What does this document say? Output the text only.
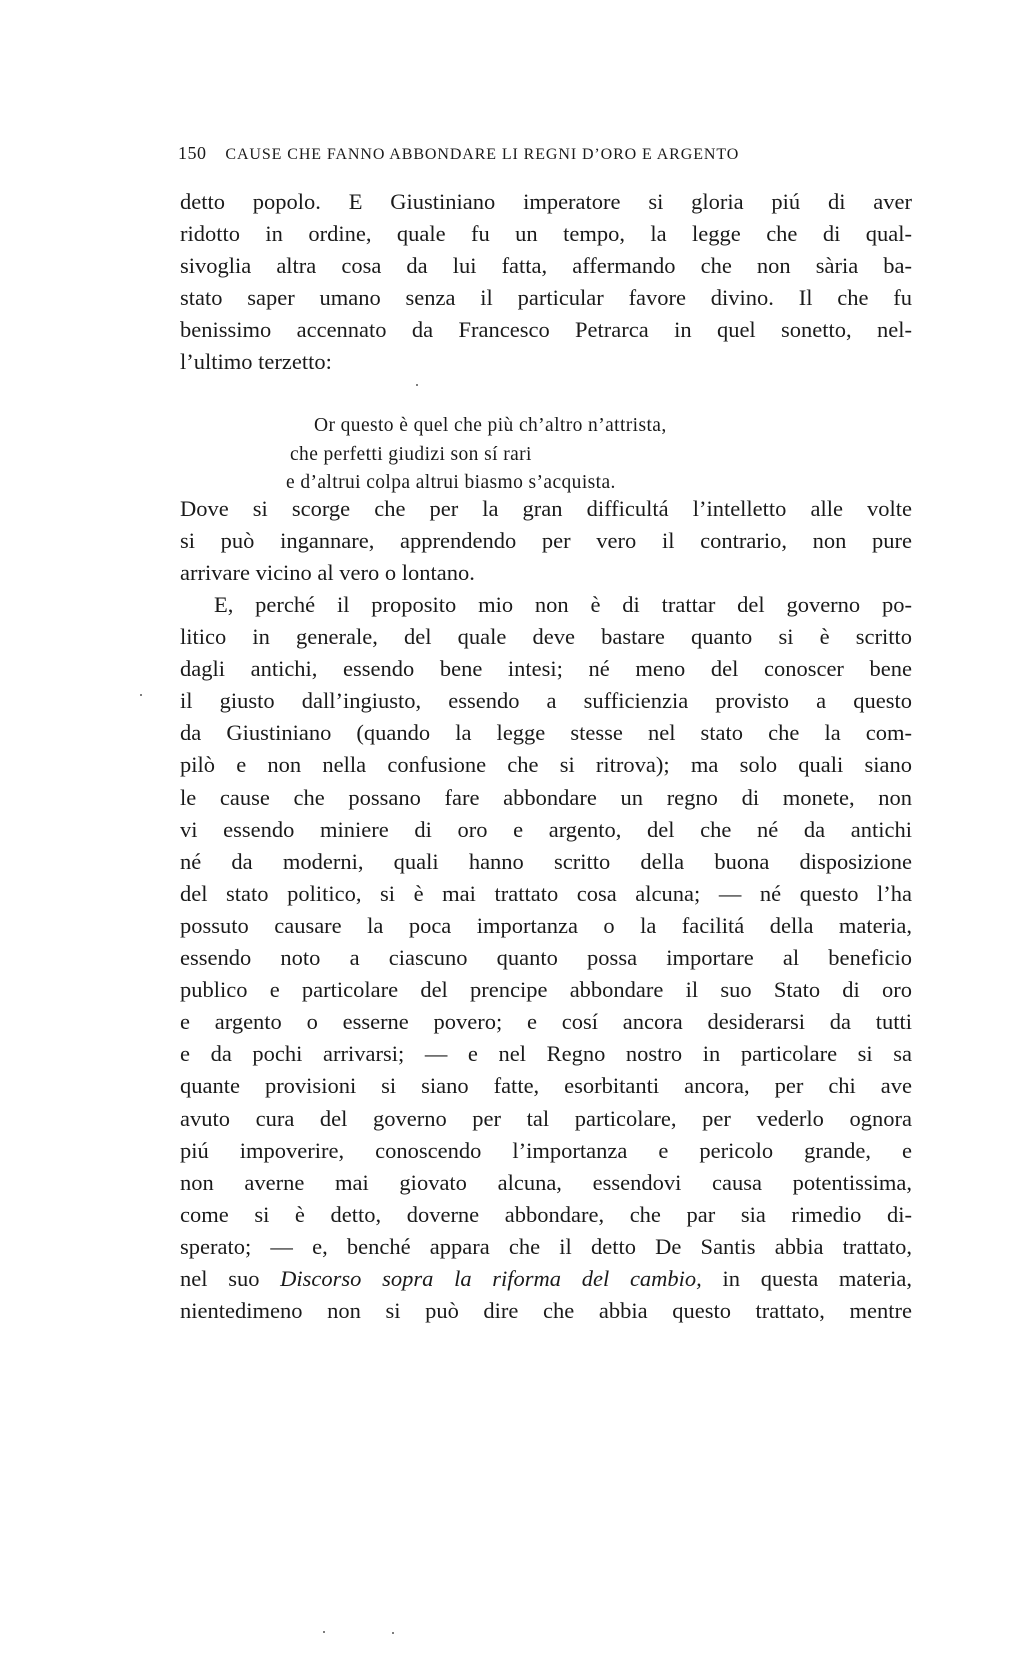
150 CAUSE CHE FANNO ABBONDARE LI REGNI D’ORO E ARGENTO

detto popolo. E Giustiniano imperatore si gloria piú di aver
ridotto in ordine, quale fu un tempo, la legge che di qual-
sivoglia altra cosa da lui fatta, affermando che non sària ba-
stato saper umano senza il particular favore divino. Il che fu
benissimo accennato da Francesco Petrarca in quel sonetto, nel-
l’ultimo terzetto:

Or questo è quel che più ch’altro n’attrista,
che perfetti giudizi son sí rari
e d’altrui colpa altrui biasmo s’acquista.

Dove si scorge che per la gran difficultá l’intelletto alle volte
si può ingannare, apprendendo per vero il contrario, non pure
arrivare vicino al vero o lontano.

E, perché il proposito mio non è di trattar del governo po-
litico in generale, del quale deve bastare quanto si è scritto
dagli antichi, essendo bene intesi; né meno del conoscer bene
il giusto dall’ingiusto, essendo a sufficienzia provisto a questo
da Giustiniano (quando la legge stesse nel stato che la com-
pilò e non nella confusione che si ritrova); ma solo quali siano
le cause che possano fare abbondare un regno di monete, non
vi essendo miniere di oro e argento, del che né da antichi
né da moderni, quali hanno scritto della buona disposizione
del stato politico, si è mai trattato cosa alcuna; — né questo l’ha
possuto causare la poca importanza o la facilitá della materia,
essendo noto a ciascuno quanto possa importare al beneficio
publico e particolare del prencipe abbondare il suo Stato di oro
e argento o esserne povero; e cosí ancora desiderarsi da tutti
e da pochi arrivarsi; — e nel Regno nostro in particolare si sa
quante provisioni si siano fatte, esorbitanti ancora, per chi ave
avuto cura del governo per tal particolare, per vederlo ognora
piú impoverire, conoscendo l’importanza e pericolo grande, e
non averne mai giovato alcuna, essendovi causa potentissima,
come si è detto, doverne abbondare, che par sia rimedio di-
sperato; — e, benché appara che il detto De Santis abbia trattato,
nel suo Discorso sopra la riforma del cambio, in questa materia,
nientedimeno non si può dire che abbia questo trattato, mentre
